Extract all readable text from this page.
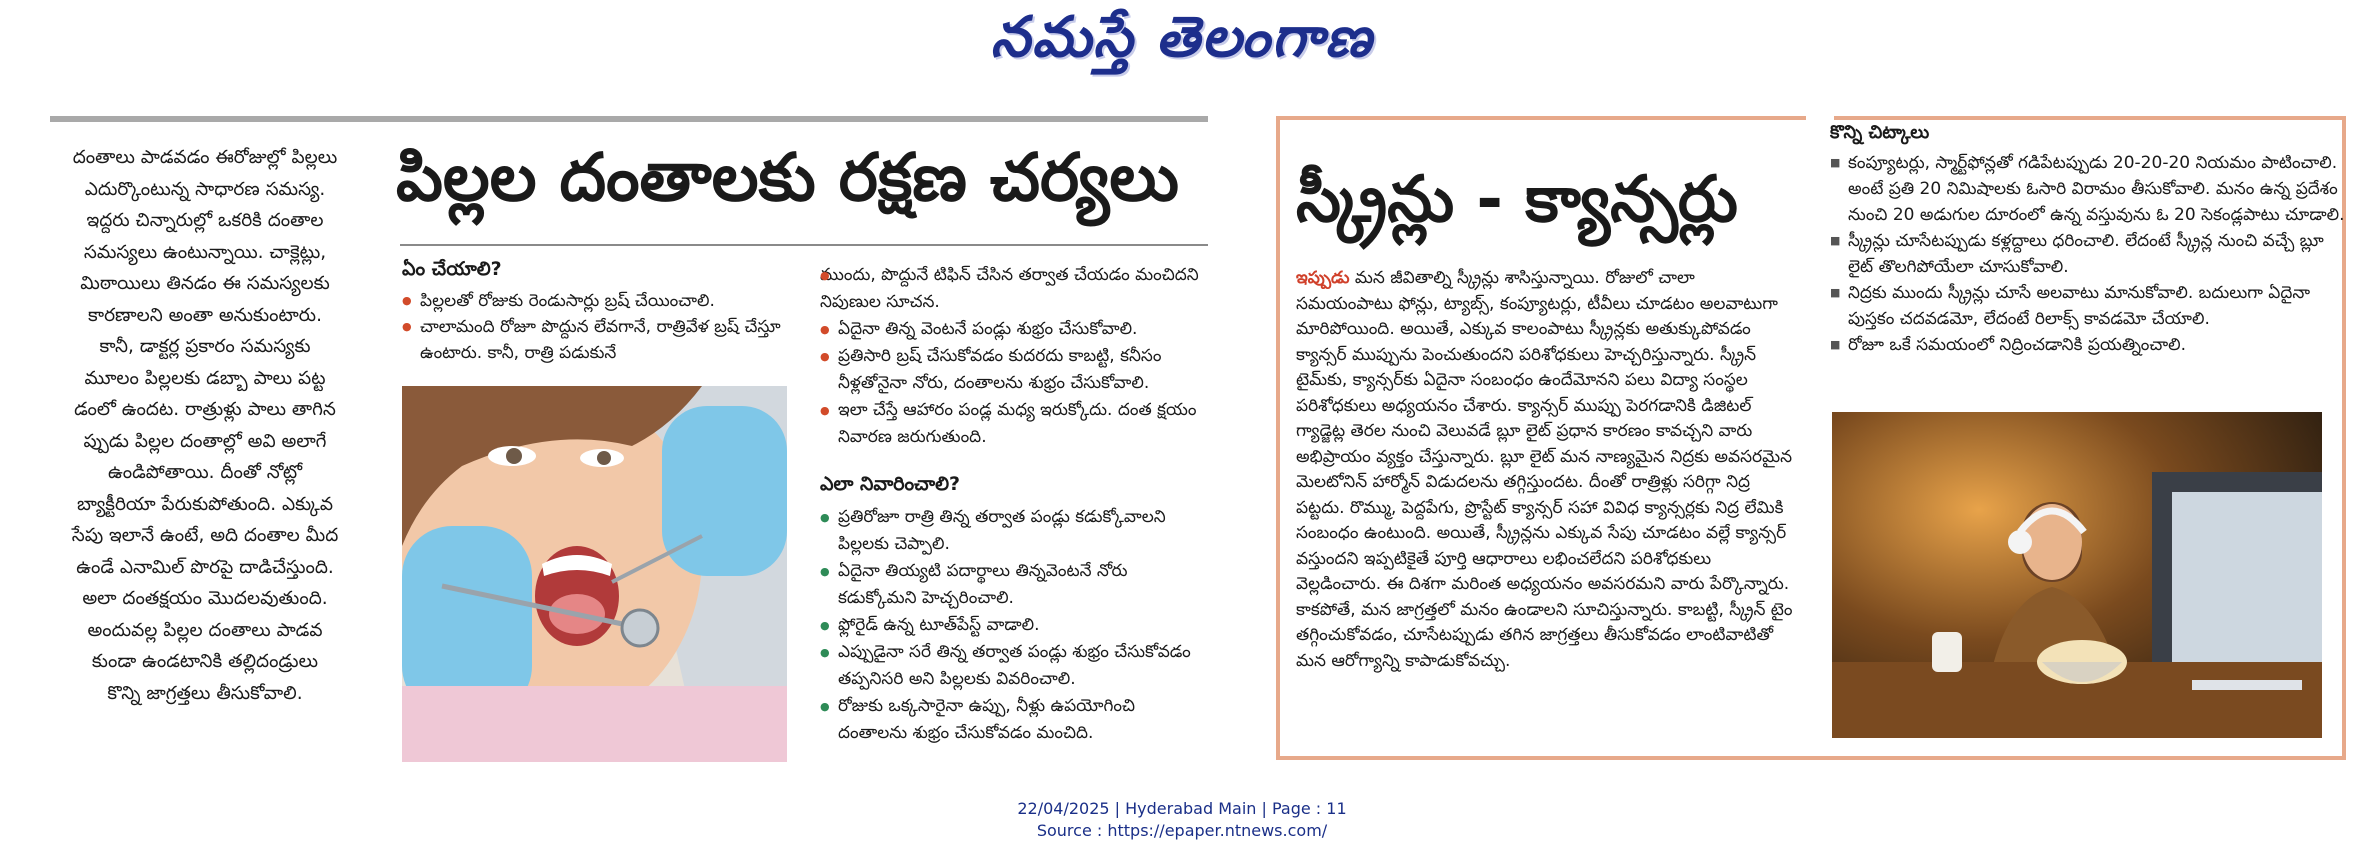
నమస్తే తెలంగాణ
దంతాలు పాడవడం ఈరోజుల్లో పిల్లలు
ఎదుర్కొంటున్న సాధారణ సమస్య.
ఇద్దరు చిన్నారుల్లో ఒకరికి దంతాల
సమస్యలు ఉంటున్నాయి. చాక్లెట్లు,
మిఠాయిలు తినడం ఈ సమస్యలకు
కారణాలని అంతా అనుకుంటారు.
కానీ, డాక్టర్ల ప్రకారం సమస్యకు
మూలం పిల్లలకు డబ్బా పాలు పట్ట
డంలో ఉందట. రాత్రుళ్లు పాలు తాగిన
ప్పుడు పిల్లల దంతాల్లో అవి అలాగే
ఉండిపోతాయి. దీంతో నోట్లో
బ్యాక్టీరియా పేరుకుపోతుంది. ఎక్కువ
సేపు ఇలానే ఉంటే, అది దంతాల మీద
ఉండే ఎనామిల్ పొరపై దాడిచేస్తుంది.
అలా దంతక్షయం మొదలవుతుంది.
అందువల్ల పిల్లల దంతాలు పాడవ
కుండా ఉండటానికి తల్లిదండ్రులు
కొన్ని జాగ్రత్తలు తీసుకోవాలి.
పిల్లల దంతాలకు రక్షణ చర్యలు
ఏం చేయాలి?
● పిల్లలతో రోజుకు రెండుసార్లు బ్రష్ చేయించాలి.
● చాలామంది రోజూ పొద్దున లేవగానే, రాత్రివేళ బ్రష్ చేస్తూ ఉంటారు. కానీ, రాత్రి పడుకునే
● ముందు, పొద్దునే టిఫిన్ చేసిన తర్వాత చేయడం మంచిదని నిపుణుల సూచన.
● ఏదైనా తిన్న వెంటనే పండ్లు శుభ్రం చేసుకోవాలి.
● ప్రతిసారి బ్రష్ చేసుకోవడం కుదరదు కాబట్టి, కనీసం నీళ్లతోనైనా నోరు, దంతాలను శుభ్రం చేసుకోవాలి.
● ఇలా చేస్తే ఆహారం పండ్ల మధ్య ఇరుక్కోదు. దంత క్షయం నివారణ జరుగుతుంది.
ఎలా నివారించాలి?
● ప్రతిరోజూ రాత్రి తిన్న తర్వాత పండ్లు కడుక్కోవాలని పిల్లలకు చెప్పాలి.
● ఏదైనా తియ్యటి పదార్థాలు తిన్నవెంటనే నోరు కడుక్కోమని హెచ్చరించాలి.
● ఫ్లోరైడ్ ఉన్న టూత్‌పేస్ట్ వాడాలి.
● ఎప్పుడైనా సరే తిన్న తర్వాత పండ్లు శుభ్రం చేసుకోవడం తప్పనిసరి అని పిల్లలకు వివరించాలి.
● రోజుకు ఒక్కసారైనా ఉప్పు, నీళ్లు ఉపయోగించి దంతాలను శుభ్రం చేసుకోవడం మంచిది.
స్క్రీన్లు - క్యాన్సర్లు
ఇప్పుడు మన జీవితాల్ని స్క్రీన్లు శాసిస్తున్నాయి. రోజులో చాలా సమయంపాటు ఫోన్లు, ట్యాబ్స్, కంప్యూటర్లు, టీవీలు చూడటం అలవాటుగా మారిపోయింది. అయితే, ఎక్కువ కాలంపాటు స్క్రీన్లకు అతుక్కుపోవడం క్యాన్సర్ ముప్పును పెంచుతుందని పరిశోధకులు హెచ్చరిస్తున్నారు. స్క్రీన్ టైమ్‌కు, క్యాన్సర్‌కు ఏదైనా సంబంధం ఉందేమోనని పలు విద్యా సంస్థల పరిశోధకులు అధ్యయనం చేశారు. క్యాన్సర్ ముప్పు పెరగడానికి డిజిటల్ గ్యాడ్జెట్ల తెరల నుంచి వెలువడే బ్లూ లైట్ ప్రధాన కారణం కావచ్చని వారు అభిప్రాయం వ్యక్తం చేస్తున్నారు. బ్లూ లైట్ మన నాణ్యమైన నిద్రకు అవసరమైన మెలటోనిన్ హార్మోన్ విడుదలను తగ్గిస్తుందట. దీంతో రాత్రిళ్లు సరిగ్గా నిద్ర పట్టదు. రొమ్ము, పెద్దపేగు, ప్రొస్టేట్ క్యాన్సర్ సహా వివిధ క్యాన్సర్లకు నిద్ర లేమికి సంబంధం ఉంటుంది. అయితే, స్క్రీన్లను ఎక్కువ సేపు చూడటం వల్లే క్యాన్సర్ వస్తుందని ఇప్పటికైతే పూర్తి ఆధారాలు లభించలేదని పరిశోధకులు వెల్లడించారు. ఈ దిశగా మరింత అధ్యయనం అవసరమని వారు పేర్కొన్నారు. కాకపోతే, మన జాగ్రత్తలో మనం ఉండాలని సూచిస్తున్నారు. కాబట్టి, స్క్రీన్ టైం తగ్గించుకోవడం, చూసేటప్పుడు తగిన జాగ్రత్తలు తీసుకోవడం లాంటివాటితో మన ఆరోగ్యాన్ని కాపాడుకోవచ్చు.
కొన్ని చిట్కాలు
■ కంప్యూటర్లు, స్మార్ట్‌ఫోన్లతో గడిపేటప్పుడు 20-20-20 నియమం పాటించాలి. అంటే ప్రతి 20 నిమిషాలకు ఓసారి విరామం తీసుకోవాలి. మనం ఉన్న ప్రదేశం నుంచి 20 అడుగుల దూరంలో ఉన్న వస్తువును ఓ 20 సెకండ్లపాటు చూడాలి.
■ స్క్రీన్లు చూసేటప్పుడు కళ్లద్దాలు ధరించాలి. లేదంటే స్క్రీన్ల నుంచి వచ్చే బ్లూ లైట్ తొలగిపోయేలా చూసుకోవాలి.
■ నిద్రకు ముందు స్క్రీన్లు చూసే అలవాటు మానుకోవాలి. బదులుగా ఏదైనా పుస్తకం చదవడమో, లేదంటే రిలాక్స్ కావడమో చేయాలి.
■ రోజూ ఒకే సమయంలో నిద్రించడానికి ప్రయత్నించాలి.
22/04/2025 | Hyderabad Main | Page : 11
Source : https://epaper.ntnews.com/
